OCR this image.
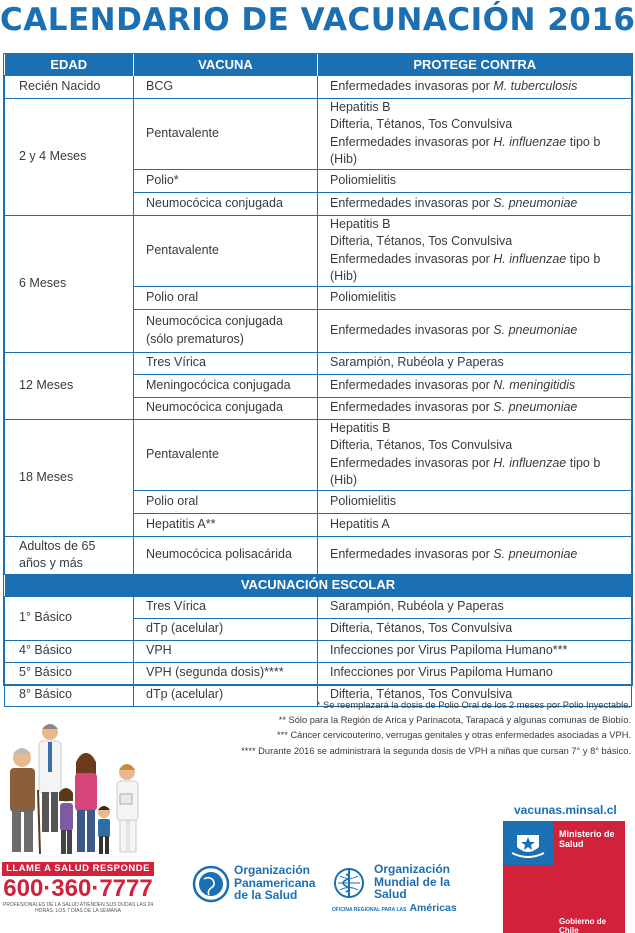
CALENDARIO DE VACUNACIÓN 2016
EDAD	VACUNA	PROTEGE CONTRA
Recién Nacido	BCG	Enfermedades invasoras por M. tuberculosis
2 y 4 Meses	Pentavalente	Hepatitis B
Difteria, Tétanos, Tos Convulsiva
Enfermedades invasoras por H. influenzae tipo b (Hib)

	Polio*	Poliomielitis
	Neumocócica conjugada	Enfermedades invasoras por S. pneumoniae
6 Meses	Pentavalente	Hepatitis B
Difteria, Tétanos, Tos Convulsiva
Enfermedades invasoras por H. influenzae tipo b (Hib)

	Polio oral	Poliomielitis
	Neumocócica conjugada (sólo prematuros)	Enfermedades invasoras por S. pneumoniae
12 Meses	Tres Vírica	Sarampión, Rubéola y Paperas
	Meningocócica conjugada	Enfermedades invasoras por N. meningitidis
	Neumocócica conjugada	Enfermedades invasoras por S. pneumoniae
18 Meses	Pentavalente	Hepatitis B
Difteria, Tétanos, Tos Convulsiva
Enfermedades invasoras por H. influenzae tipo b (Hib)

	Polio oral	Poliomielitis
	Hepatitis A**	Hepatitis A
Adultos de 65 años y más	Neumocócica polisacárida	Enfermedades invasoras por S. pneumoniae
VACUNACIÓN ESCOLAR		
1° Básico	Tres Vírica	Sarampión, Rubéola y Paperas
	dTp (acelular)	Difteria, Tétanos, Tos Convulsiva
4° Básico	VPH	Infecciones por Virus Papiloma Humano***
5° Básico	VPH (segunda dosis)****	Infecciones por Virus Papiloma Humano
8° Básico	dTp (acelular)	Difteria, Tétanos, Tos Convulsiva
* Se reemplazará la dosis de Polio Oral de los 2 meses por Polio Inyectable.
** Sólo para la Región de Arica y Parinacota, Tarapacá y algunas comunas de Biobío.
*** Cáncer cervicouterino, verrugas genitales y otras enfermedades asociadas a VPH.
**** Durante 2016 se administrará la segunda dosis de VPH a niñas que cursan 7° y 8° básico.
LLAME A SALUD RESPONDE
600·360·7777
PROFESIONALES DE LA SALUD ATIENDEN SUS DUDAS LAS 24 HORAS, LOS 7 DÍAS DE LA SEMANA
Organización
Panamericana
de la Salud
Organización
Mundial de la Salud
OFICINA REGIONAL PARA LAS Américas
vacunas.minsal.cl
Ministerio de
Salud
Gobierno de Chile
